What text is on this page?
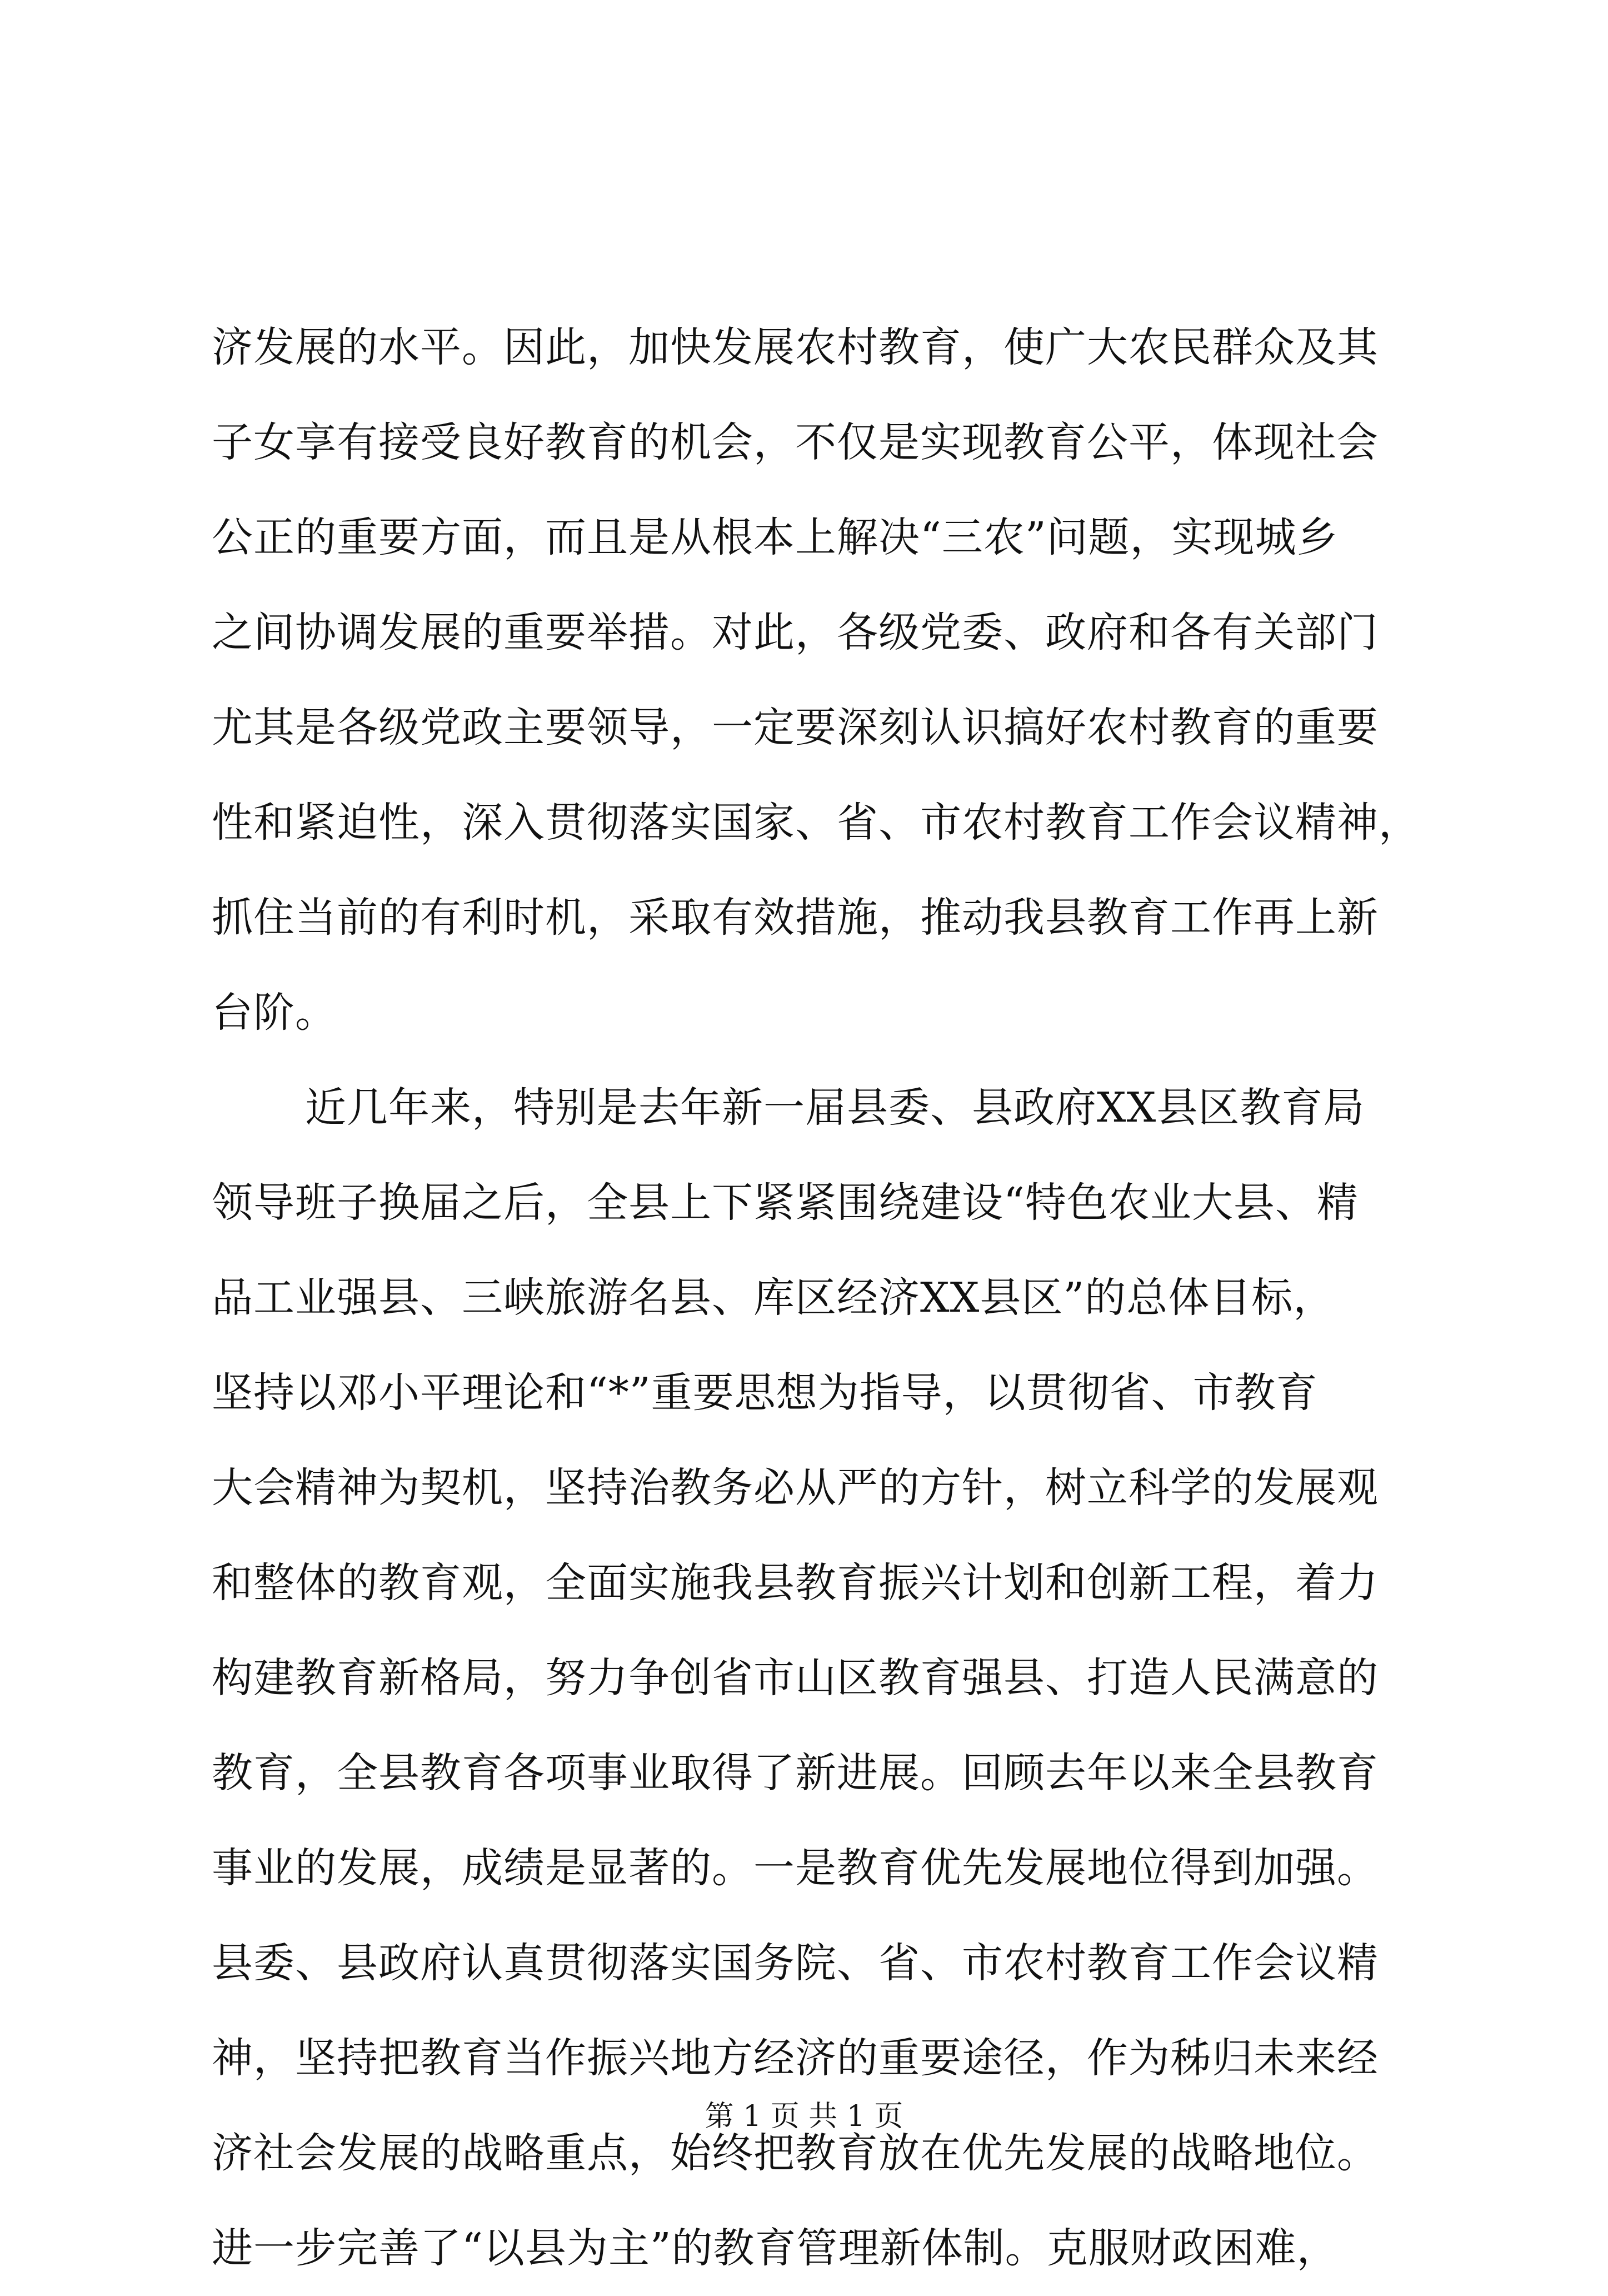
济发展的水平。因此，加快发展农村教育，使广大农民群众及其
子女享有接受良好教育的机会，不仅是实现教育公平，体现社会
公正的重要方面，而且是从根本上解决“三农”问题，实现城乡
之间协调发展的重要举措。对此，各级党委、政府和各有关部门
尤其是各级党政主要领导，一定要深刻认识搞好农村教育的重要
性和紧迫性，深入贯彻落实国家、省、市农村教育工作会议精神，
抓住当前的有利时机，采取有效措施，推动我县教育工作再上新
台阶。
近几年来，特别是去年新一届县委、县政府XX县区教育局
领导班子换届之后，全县上下紧紧围绕建设“特色农业大县、精
品工业强县、三峡旅游名县、库区经济XX县区”的总体目标，
坚持以邓小平理论和“*”重要思想为指导，以贯彻省、市教育
大会精神为契机，坚持治教务必从严的方针，树立科学的发展观
和整体的教育观，全面实施我县教育振兴计划和创新工程，着力
构建教育新格局，努力争创省市山区教育强县、打造人民满意的
教育，全县教育各项事业取得了新进展。回顾去年以来全县教育
事业的发展，成绩是显著的。一是教育优先发展地位得到加强。
县委、县政府认真贯彻落实国务院、省、市农村教育工作会议精
神，坚持把教育当作振兴地方经济的重要途径，作为秭归未来经
济社会发展的战略重点，始终把教育放在优先发展的战略地位。
进一步完善了“以县为主”的教育管理新体制。克服财政困难，
第 1 页 共 1 页
